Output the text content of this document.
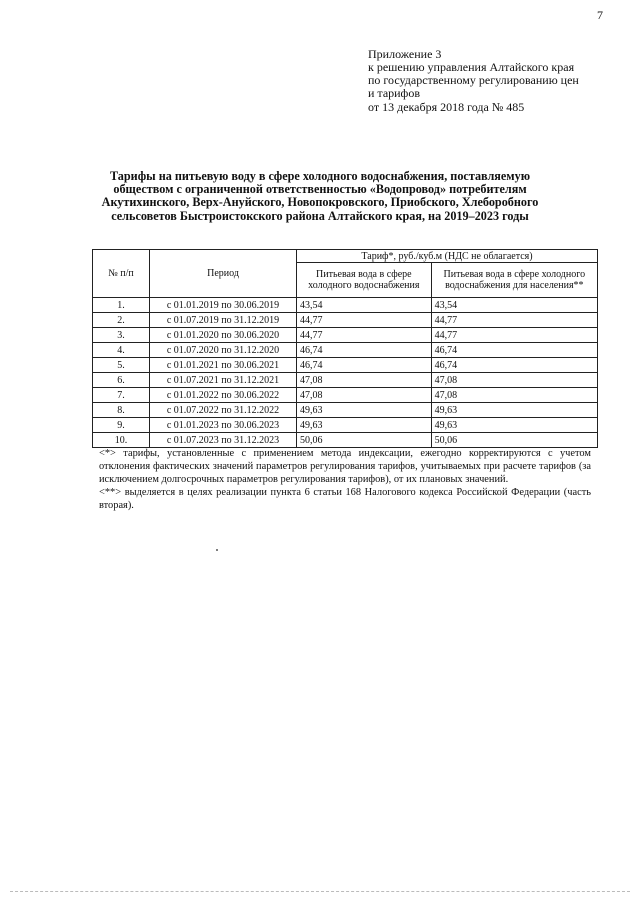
7
Приложение 3
к решению управления Алтайского края
по государственному регулированию цен
и тарифов
от 13 декабря 2018 года № 485
Тарифы на питьевую воду в сфере холодного водоснабжения, поставляемую
обществом с ограниченной ответственностью «Водопровод» потребителям
Акутихинского, Верх-Ануйского, Новопокровского, Приобского, Хлеборобного
сельсоветов Быстроистокского района Алтайского края, на 2019–2023 годы
№ п/п	Период	Тариф*, руб./куб.м (НДС не облагается)	
		Питьевая вода в сфере холодного водоснабжения	Питьевая вода в сфере холодного водоснабжения для населения**
1.	с 01.01.2019 по 30.06.2019	43,54	43,54
2.	с 01.07.2019 по 31.12.2019	44,77	44,77
3.	с 01.01.2020 по 30.06.2020	44,77	44,77
4.	с 01.07.2020 по 31.12.2020	46,74	46,74
5.	с 01.01.2021 по 30.06.2021	46,74	46,74
6.	с 01.07.2021 по 31.12.2021	47,08	47,08
7.	с 01.01.2022 по 30.06.2022	47,08	47,08
8.	с 01.07.2022 по 31.12.2022	49,63	49,63
9.	с 01.01.2023 по 30.06.2023	49,63	49,63
10.	с 01.07.2023 по 31.12.2023	50,06	50,06
<*> тарифы, установленные с применением метода индексации, ежегодно корректируются с учетом отклонения фактических значений параметров регулирования тарифов, учитываемых при расчете тарифов (за исключением долгосрочных параметров регулирования тарифов), от их плановых значений.
<**> выделяется в целях реализации пункта 6 статьи 168 Налогового кодекса Российской Федерации (часть вторая).
